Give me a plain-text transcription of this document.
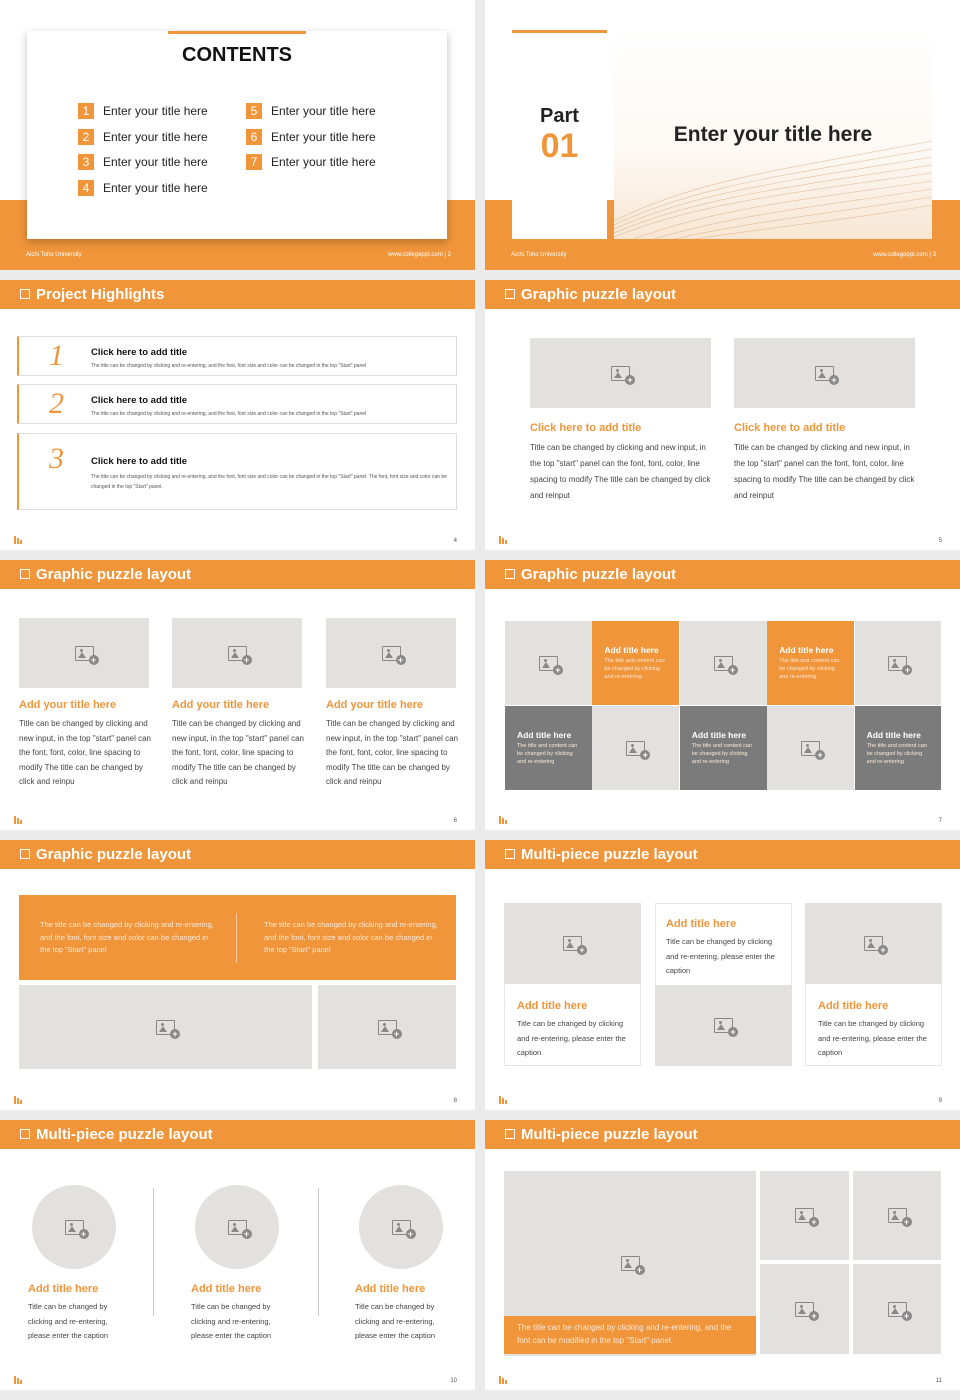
CONTENTS
1	Enter your title here
2	Enter your title here
3	Enter your title here
4	Enter your title here
5	Enter your title here
6	Enter your title here
7	Enter your title here
Aichi Toho University	www.collegeppt.com | 2
Part
01	Enter your title here
Aichi Toho University	www.collegeppt.com | 3
Project Highlights
1	Click here to add title
The title can be changed by clicking and re-entering, and the font, font size and color can be changed in the top "Start" panel
2	Click here to add title
The title can be changed by clicking and re-entering, and the font, font size and color can be changed in the top "Start" panel
3	Click here to add title
The title can be changed by clicking and re-entering, and the font, font size and color can be changed in the top "Start" panel. The font, font size and color can be changed in the top "Start" panel.
4
Graphic puzzle layout
+
Click here to add title
Title can be changed by clicking and new input, in the top "start" panel can the font, font, color, line spacing to modify The title can be changed by click and reinput
+
Click here to add title
Title can be changed by clicking and new input, in the top "start" panel can the font, font, color, line spacing to modify The title can be changed by click and reinput
5
Graphic puzzle layout
+
Add your title here
Title can be changed by clicking and new input, in the top "start" panel can the font, font, color, line spacing to modify The title can be changed by click and reinpu
+
Add your title here
Title can be changed by clicking and new input, in the top "start" panel can the font, font, color, line spacing to modify The title can be changed by click and reinpu
+
Add your title here
Title can be changed by clicking and new input, in the top "start" panel can the font, font, color, line spacing to modify The title can be changed by click and reinpu
6
Graphic puzzle layout
+
Add title here
The title and content can be changed by clicking and re-entering
+
Add title here
The title and content can be changed by clicking and re-entering
+
Add title here
The title and content can be changed by clicking and re-entering
+
Add title here
The title and content can be changed by clicking and re-entering
+
Add title here
The title and content can be changed by clicking and re-entering
7
Graphic puzzle layout
The title can be changed by clicking and re-entering, and the font, font size and color can be changed in the top "Start" panel
The title can be changed by clicking and re-entering, and the font, font size and color can be changed in the top "Start" panel
+	+
8
Multi-piece puzzle layout
+
Add title here
Title can be changed by clicking and re-entering, please enter the caption
+
Add title here
Title can be changed by clicking and re-entering, please enter the caption
+
Add title here
Title can be changed by clicking and re-entering, please enter the caption
9
Multi-piece puzzle layout
+
Add title here
Title can be changed by clicking and re-entering, please enter the caption
+
Add title here
Title can be changed by clicking and re-entering, please enter the caption
+
Add title here
Title can be changed by clicking and re-entering, please enter the caption
10
Multi-piece puzzle layout
+
The title can be changed by clicking and re-entering, and the font can be modified in the top "Start" panel.
+	+
+	+
11
